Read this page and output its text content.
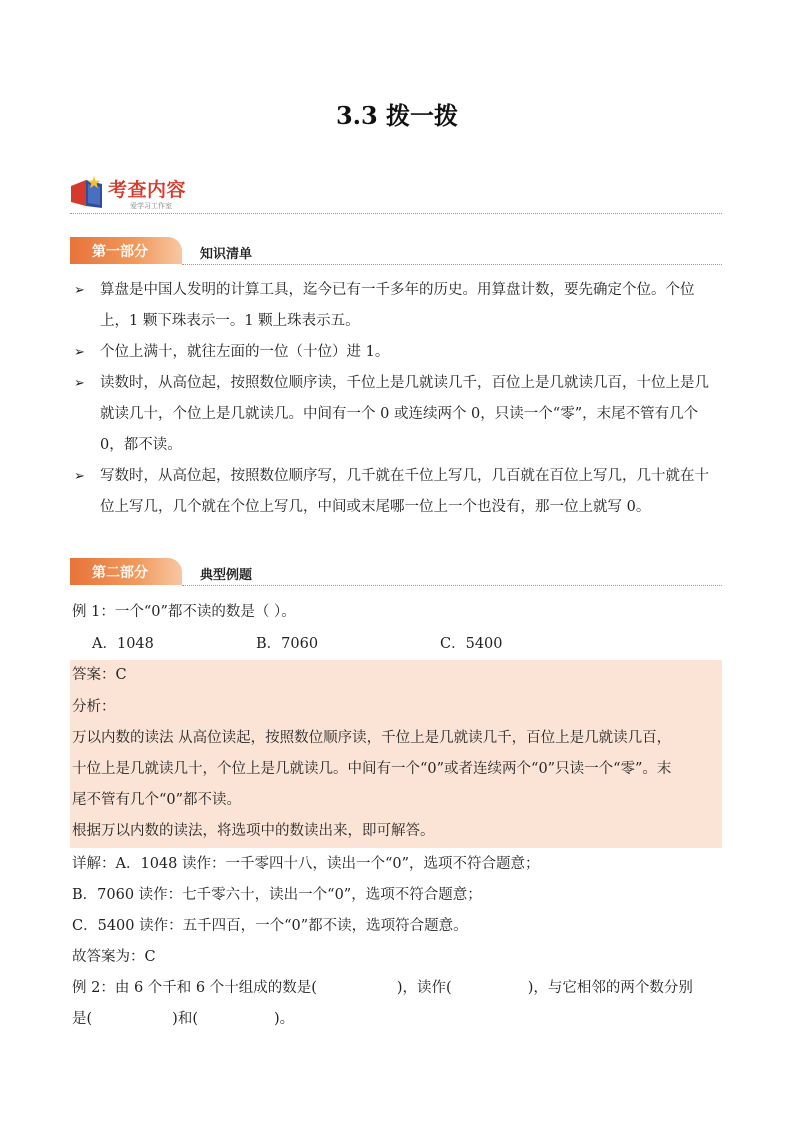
3.3 拨一拨
考查内容
爱学习工作室
第一部分	知识清单
➢ 算盘是中国人发明的计算工具，迄今已有一千多年的历史。用算盘计数，要先确定个位。个位上，1 颗下珠表示一。1 颗上珠表示五。
➢ 个位上满十，就往左面的一位（十位）进 1。
➢ 读数时，从高位起，按照数位顺序读，千位上是几就读几千，百位上是几就读几百，十位上是几就读几十，个位上是几就读几。中间有一个 0 或连续两个 0，只读一个“零”，末尾不管有几个 0，都不读。
➢ 写数时，从高位起，按照数位顺序写，几千就在千位上写几，几百就在百位上写几，几十就在十位上写几，几个就在个位上写几，中间或末尾哪一位上一个也没有，那一位上就写 0。
第二部分	典型例题
例 1：一个“0”都不读的数是（ ）。
A．1048	B．7060	C．5400
答案：C
分析：
万以内数的读法 从高位读起，按照数位顺序读，千位上是几就读几千，百位上是几就读几百，
十位上是几就读几十，个位上是几就读几。中间有一个“0”或者连续两个“0”只读一个“零”。末
尾不管有几个“0”都不读。
根据万以内数的读法，将选项中的数读出来，即可解答。
详解：A．1048 读作：一千零四十八，读出一个“0”，选项不符合题意；
B．7060 读作：七千零六十，读出一个“0”，选项不符合题意；
C．5400 读作：五千四百，一个“0”都不读，选项符合题意。
故答案为：C
例 2：由 6 个千和 6 个十组成的数是(	)，读作(	)，与它相邻的两个数分别
是(	)和(	)。
